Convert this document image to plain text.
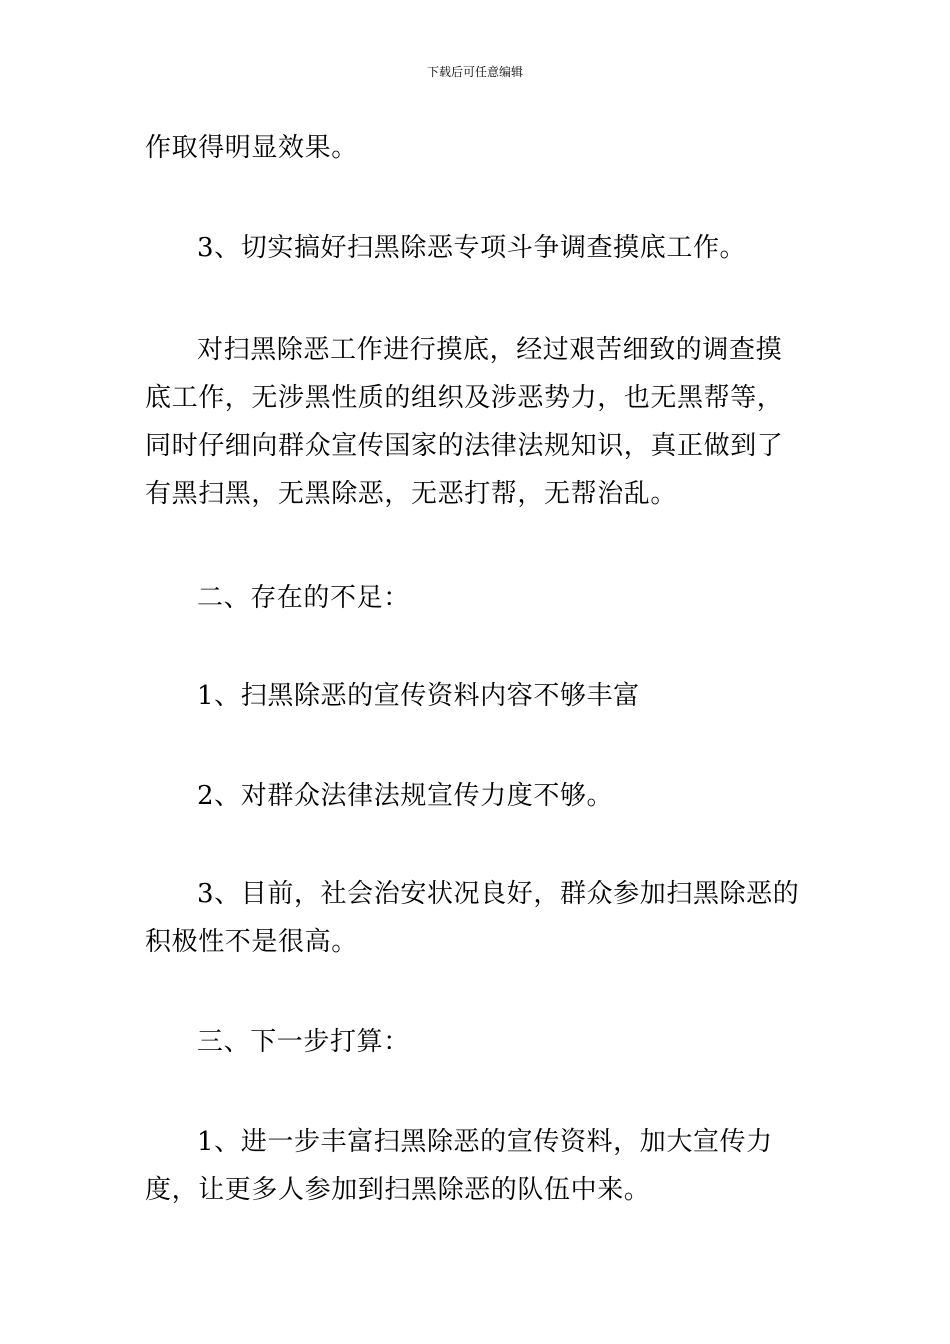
下载后可任意编辑

作取得明显效果。

3、切实搞好扫黑除恶专项斗争调查摸底工作。

对扫黑除恶工作进行摸底，经过艰苦细致的调查摸底工作，无涉黑性质的组织及涉恶势力，也无黑帮等，同时仔细向群众宣传国家的法律法规知识，真正做到了有黑扫黑，无黑除恶，无恶打帮，无帮治乱。

二、存在的不足：

1、扫黑除恶的宣传资料内容不够丰富

2、对群众法律法规宣传力度不够。

3、目前，社会治安状况良好，群众参加扫黑除恶的积极性不是很高。

三、下一步打算：

1、进一步丰富扫黑除恶的宣传资料，加大宣传力度，让更多人参加到扫黑除恶的队伍中来。
